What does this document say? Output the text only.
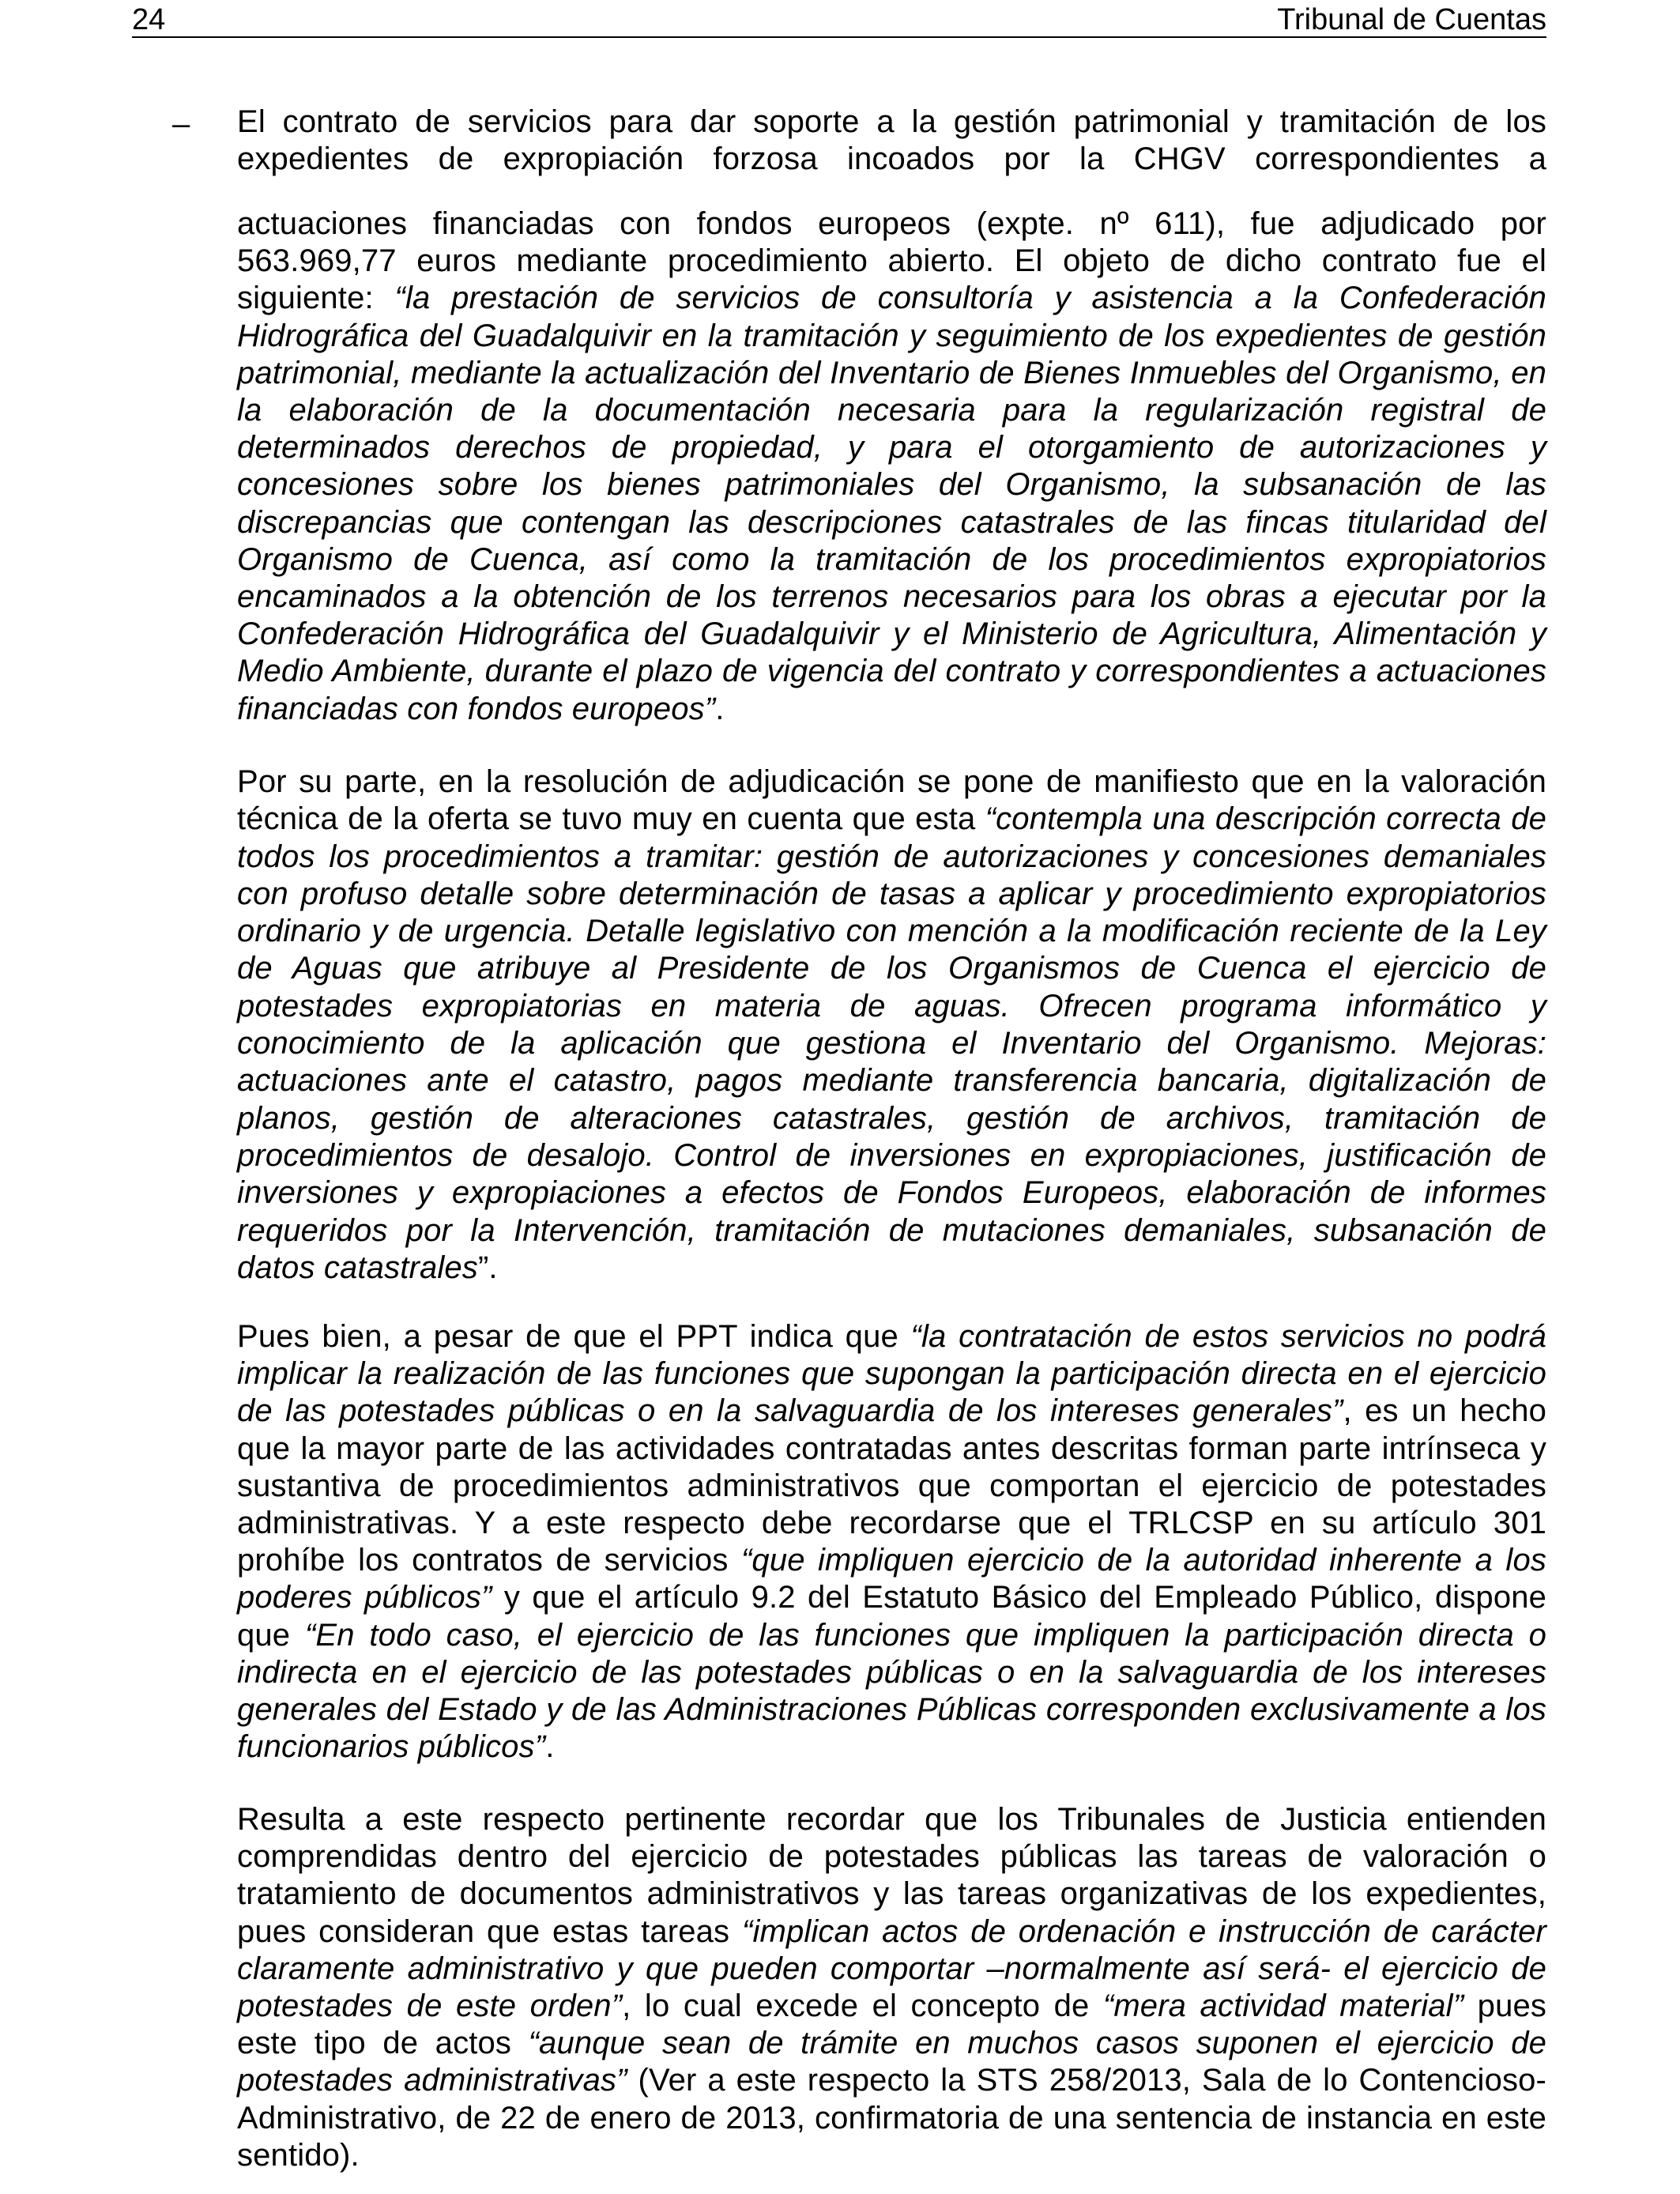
24	Tribunal de Cuentas
– El contrato de servicios para dar soporte a la gestión patrimonial y tramitación de los expedientes de expropiación forzosa incoados por la CHGV correspondientes a
actuaciones financiadas con fondos europeos (expte. nº 611), fue adjudicado por 563.969,77 euros mediante procedimiento abierto. El objeto de dicho contrato fue el siguiente: “la prestación de servicios de consultoría y asistencia a la Confederación Hidrográfica del Guadalquivir en la tramitación y seguimiento de los expedientes de gestión patrimonial, mediante la actualización del Inventario de Bienes Inmuebles del Organismo, en la elaboración de la documentación necesaria para la regularización registral de determinados derechos de propiedad, y para el otorgamiento de autorizaciones y concesiones sobre los bienes patrimoniales del Organismo, la subsanación de las discrepancias que contengan las descripciones catastrales de las fincas titularidad del Organismo de Cuenca, así como la tramitación de los procedimientos expropiatorios encaminados a la obtención de los terrenos necesarios para los obras a ejecutar por la Confederación Hidrográfica del Guadalquivir y el Ministerio de Agricultura, Alimentación y Medio Ambiente, durante el plazo de vigencia del contrato y correspondientes a actuaciones financiadas con fondos europeos”.
Por su parte, en la resolución de adjudicación se pone de manifiesto que en la valoración técnica de la oferta se tuvo muy en cuenta que esta “contempla una descripción correcta de todos los procedimientos a tramitar: gestión de autorizaciones y concesiones demaniales con profuso detalle sobre determinación de tasas a aplicar y procedimiento expropiatorios ordinario y de urgencia. Detalle legislativo con mención a la modificación reciente de la Ley de Aguas que atribuye al Presidente de los Organismos de Cuenca el ejercicio de potestades expropiatorias en materia de aguas. Ofrecen programa informático y conocimiento de la aplicación que gestiona el Inventario del Organismo. Mejoras: actuaciones ante el catastro, pagos mediante transferencia bancaria, digitalización de planos, gestión de alteraciones catastrales, gestión de archivos, tramitación de procedimientos de desalojo. Control de inversiones en expropiaciones, justificación de inversiones y expropiaciones a efectos de Fondos Europeos, elaboración de informes requeridos por la Intervención, tramitación de mutaciones demaniales, subsanación de datos catastrales”.
Pues bien, a pesar de que el PPT indica que “la contratación de estos servicios no podrá implicar la realización de las funciones que supongan la participación directa en el ejercicio de las potestades públicas o en la salvaguardia de los intereses generales”, es un hecho que la mayor parte de las actividades contratadas antes descritas forman parte intrínseca y sustantiva de procedimientos administrativos que comportan el ejercicio de potestades administrativas. Y a este respecto debe recordarse que el TRLCSP en su artículo 301 prohíbe los contratos de servicios “que impliquen ejercicio de la autoridad inherente a los poderes públicos” y que el artículo 9.2 del Estatuto Básico del Empleado Público, dispone que “En todo caso, el ejercicio de las funciones que impliquen la participación directa o indirecta en el ejercicio de las potestades públicas o en la salvaguardia de los intereses generales del Estado y de las Administraciones Públicas corresponden exclusivamente a los funcionarios públicos”.
Resulta a este respecto pertinente recordar que los Tribunales de Justicia entienden comprendidas dentro del ejercicio de potestades públicas las tareas de valoración o tratamiento de documentos administrativos y las tareas organizativas de los expedientes, pues consideran que estas tareas “implican actos de ordenación e instrucción de carácter claramente administrativo y que pueden comportar –normalmente así será- el ejercicio de potestades de este orden”, lo cual excede el concepto de “mera actividad material” pues este tipo de actos “aunque sean de trámite en muchos casos suponen el ejercicio de potestades administrativas” (Ver a este respecto la STS 258/2013, Sala de lo Contencioso-Administrativo, de 22 de enero de 2013, confirmatoria de una sentencia de instancia en este sentido).
